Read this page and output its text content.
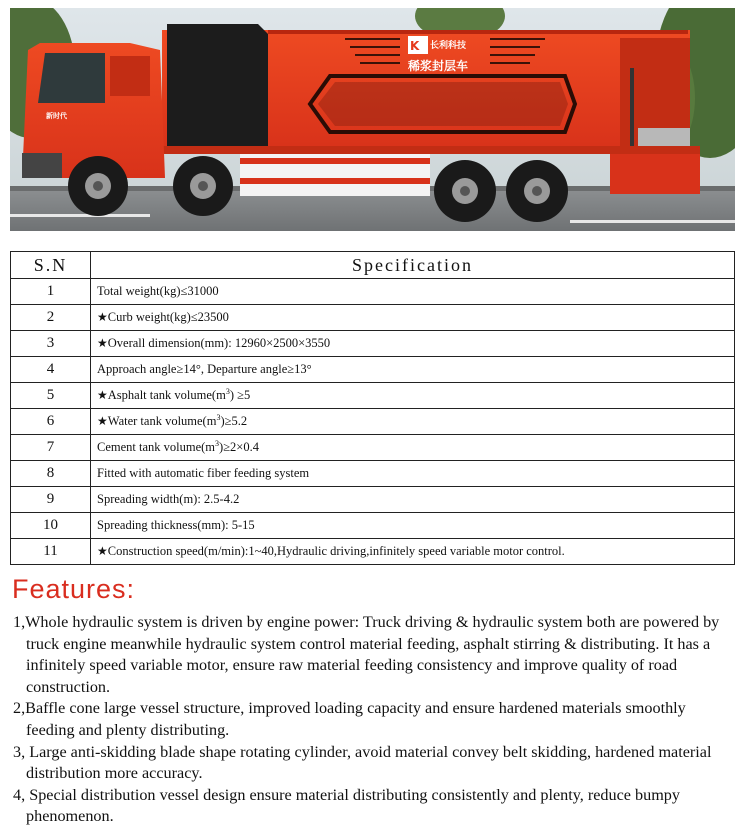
K 长利科技
稀浆封层车
新时代
S.N	Specification
1	Total weight(kg)≤31000
2	★Curb weight(kg)≤23500
3	★Overall dimension(mm): 12960×2500×3550
4	Approach angle≥14°, Departure angle≥13°
5	★Asphalt tank $volume(m^3) \ge 5$
6	★Water tank $volume(m^3)\ge 5.2$
7	Cement tank $volume(m^3)\ge 2\times 0.4$
8	Fitted with automatic fiber feeding system
9	Spreading width(m): 2.5-4.2
10	Spreading thickness(mm): 5-15
11	★Construction speed(m/min):1~40,Hydraulic driving,infinitely speed variable motor control.
Features:
1,Whole hydraulic system is driven by engine power: Truck driving & hydraulic system both are powered by truck engine meanwhile hydraulic system control material feeding, asphalt stirring & distributing. It has a infinitely speed variable motor, ensure raw material feeding consistency and improve quality of road construction.
2,Baffle cone large vessel structure, improved loading capacity and ensure hardened materials smoothly feeding and plenty distributing.
3, Large anti-skidding blade shape rotating cylinder, avoid material convey belt skidding, hardened material distribution more accuracy.
4, Special distribution vessel design ensure material distributing consistently and plenty, reduce bumpy phenomenon.
